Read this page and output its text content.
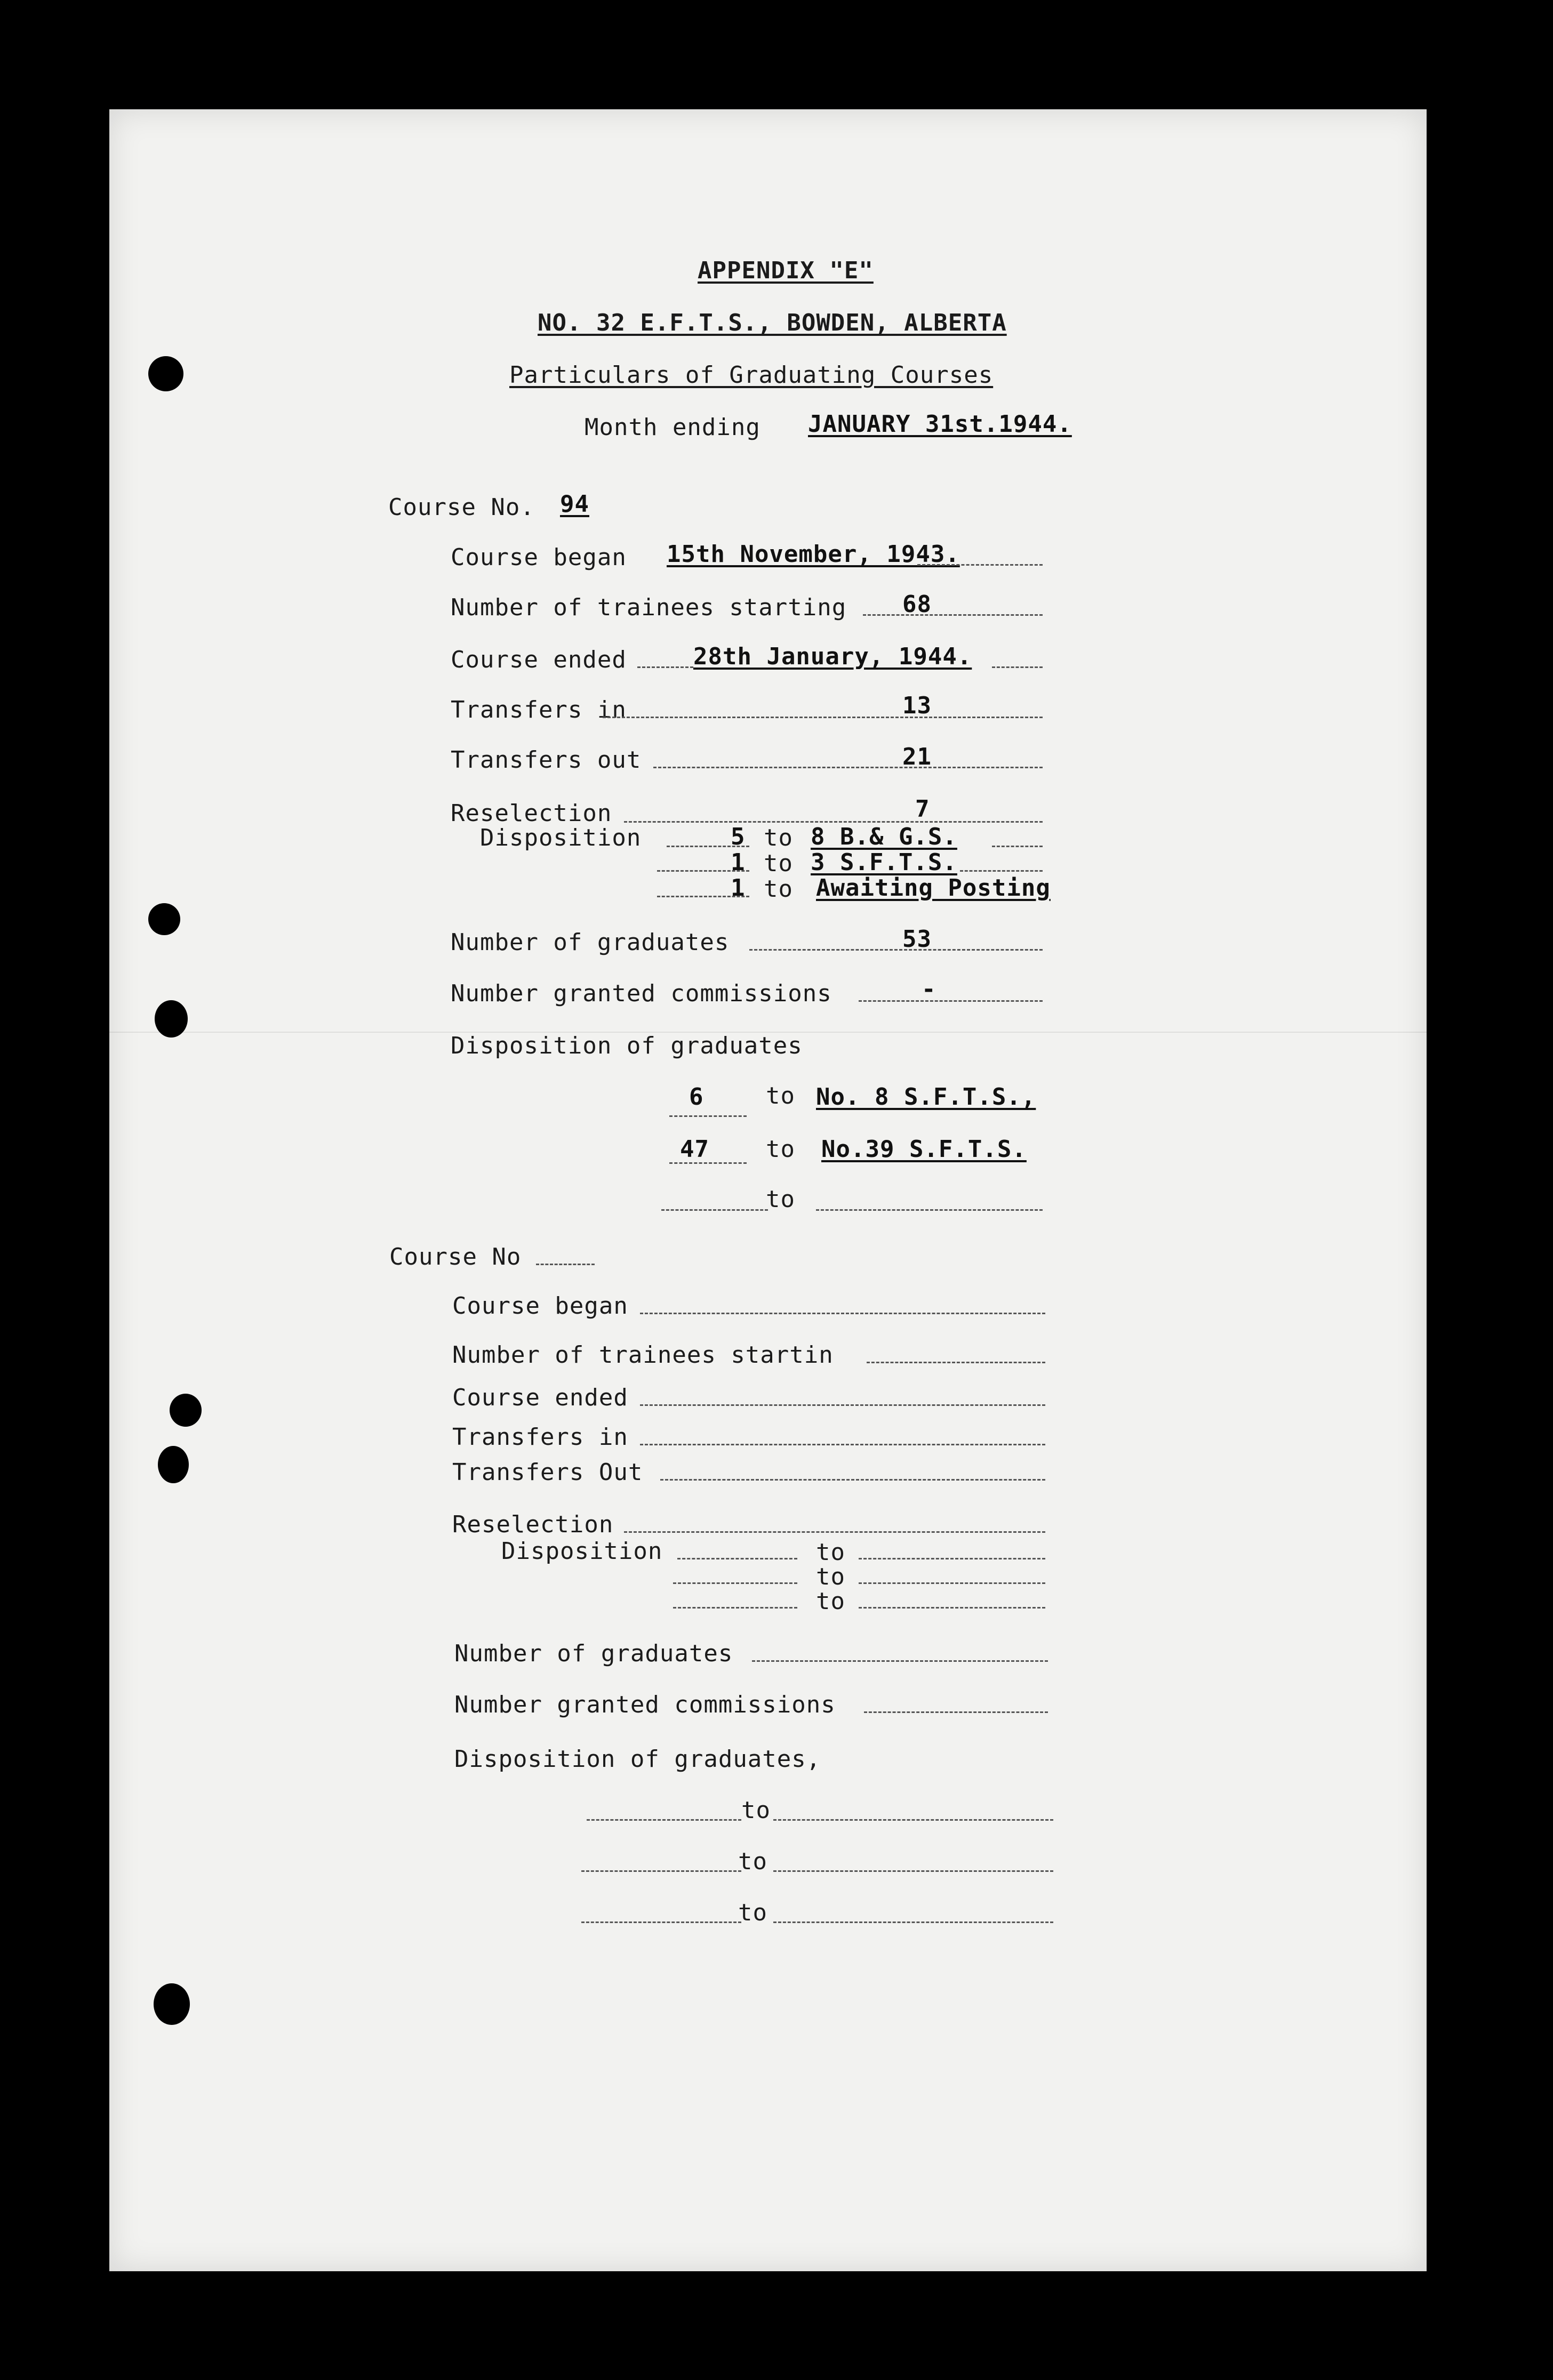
APPENDIX "E"
NO. 32 E.F.T.S., BOWDEN, ALBERTA
Particulars of Graduating Courses
Month ending JANUARY 31st.1944.
Course No. 94
Course began 15th November, 1943.
Number of trainees starting 68
Course ended	28th January, 1944.
Transfers in	13
Transfers out	21
Reselection	7
Disposition	5 to 8 B.& G.S.
1 to 3 S.F.T.S.
1 to Awaiting Posting
Number of graduates	53
Number granted commissions	-
Disposition of graduates
6	to No. 8 S.F.T.S.,
47 to No.39 S.F.T.S.
to
Course No
Course began
Number of trainees startin
Course ended
Transfers in
Transfers Out
Reselection
Disposition	to
to
to
Number of graduates
Number granted commissions
Disposition of graduates,
to
to
to
